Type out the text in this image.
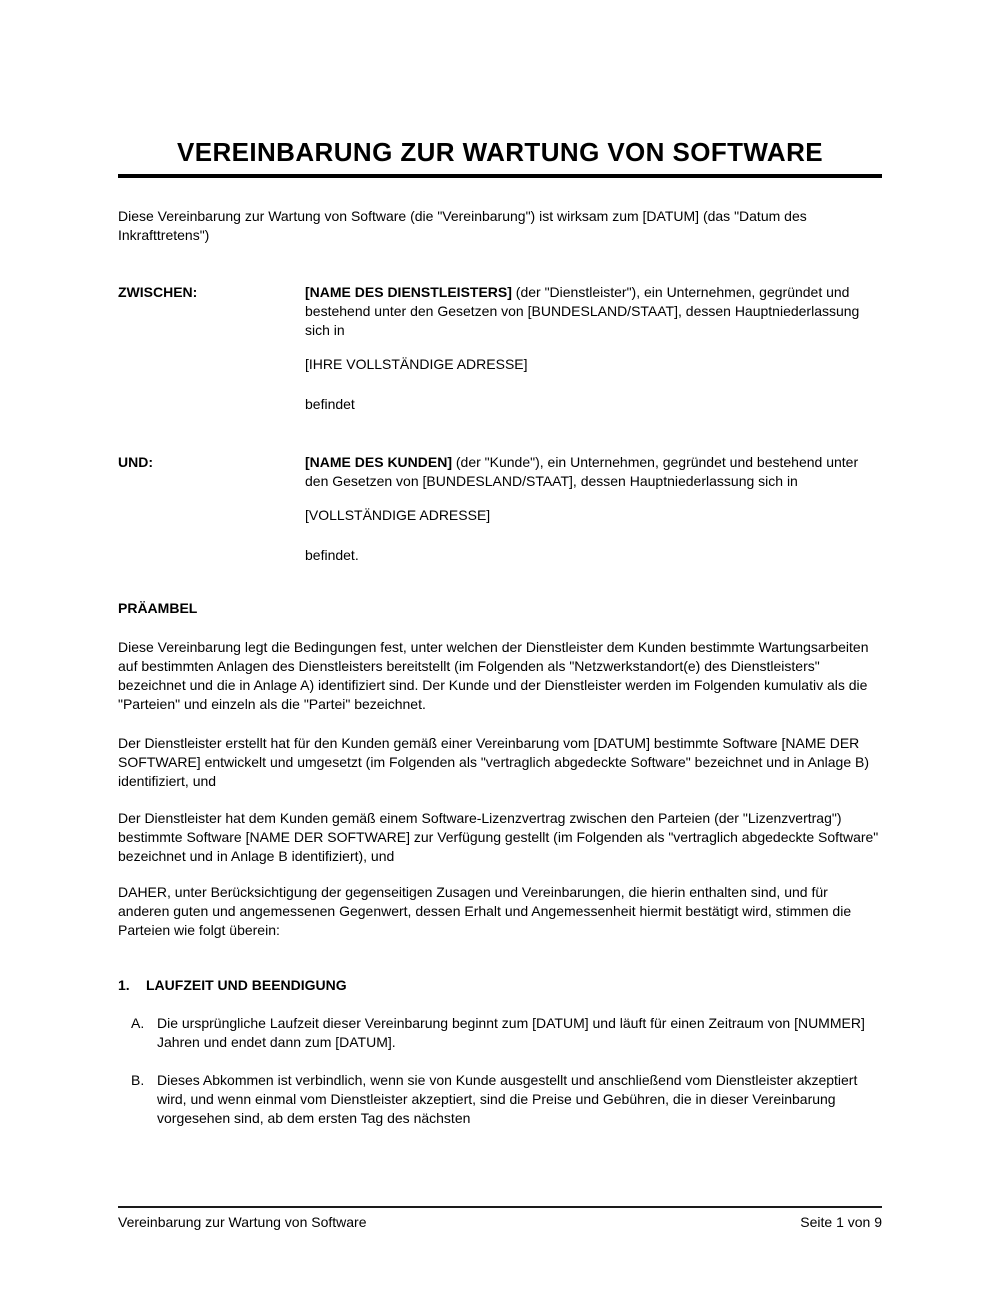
VEREINBARUNG ZUR WARTUNG VON SOFTWARE
Diese Vereinbarung zur Wartung von Software (die "Vereinbarung") ist wirksam zum [DATUM] (das "Datum des Inkrafttretens")
ZWISCHEN:	[NAME DES DIENSTLEISTERS] (der "Dienstleister"), ein Unternehmen, gegründet und bestehend unter den Gesetzen von [BUNDESLAND/STAAT], dessen Hauptniederlassung sich in
[IHRE VOLLSTÄNDIGE ADRESSE]
befindet
UND:	[NAME DES KUNDEN] (der "Kunde"), ein Unternehmen, gegründet und bestehend unter den Gesetzen von [BUNDESLAND/STAAT], dessen Hauptniederlassung sich in
[VOLLSTÄNDIGE ADRESSE]
befindet.
PRÄAMBEL
Diese Vereinbarung legt die Bedingungen fest, unter welchen der Dienstleister dem Kunden bestimmte Wartungsarbeiten auf bestimmten Anlagen des Dienstleisters bereitstellt (im Folgenden als "Netzwerkstandort(e) des Dienstleisters" bezeichnet und die in Anlage A) identifiziert sind. Der Kunde und der Dienstleister werden im Folgenden kumulativ als die "Parteien" und einzeln als die "Partei" bezeichnet.
Der Dienstleister erstellt hat für den Kunden gemäß einer Vereinbarung vom [DATUM] bestimmte Software [NAME DER SOFTWARE] entwickelt und umgesetzt (im Folgenden als "vertraglich abgedeckte Software" bezeichnet und in Anlage B) identifiziert, und
Der Dienstleister hat dem Kunden gemäß einem Software-Lizenzvertrag zwischen den Parteien (der "Lizenzvertrag") bestimmte Software [NAME DER SOFTWARE] zur Verfügung gestellt (im Folgenden als "vertraglich abgedeckte Software" bezeichnet und in Anlage B identifiziert), und
DAHER, unter Berücksichtigung der gegenseitigen Zusagen und Vereinbarungen, die hierin enthalten sind, und für anderen guten und angemessenen Gegenwert, dessen Erhalt und Angemessenheit hiermit bestätigt wird, stimmen die Parteien wie folgt überein:
1.	LAUFZEIT UND BEENDIGUNG
A. Die ursprüngliche Laufzeit dieser Vereinbarung beginnt zum [DATUM] und läuft für einen Zeitraum von [NUMMER] Jahren und endet dann zum [DATUM].
B. Dieses Abkommen ist verbindlich, wenn sie von Kunde ausgestellt und anschließend vom Dienstleister akzeptiert wird, und wenn einmal vom Dienstleister akzeptiert, sind die Preise und Gebühren, die in dieser Vereinbarung vorgesehen sind, ab dem ersten Tag des nächsten
Vereinbarung zur Wartung von Software	Seite 1 von 9
